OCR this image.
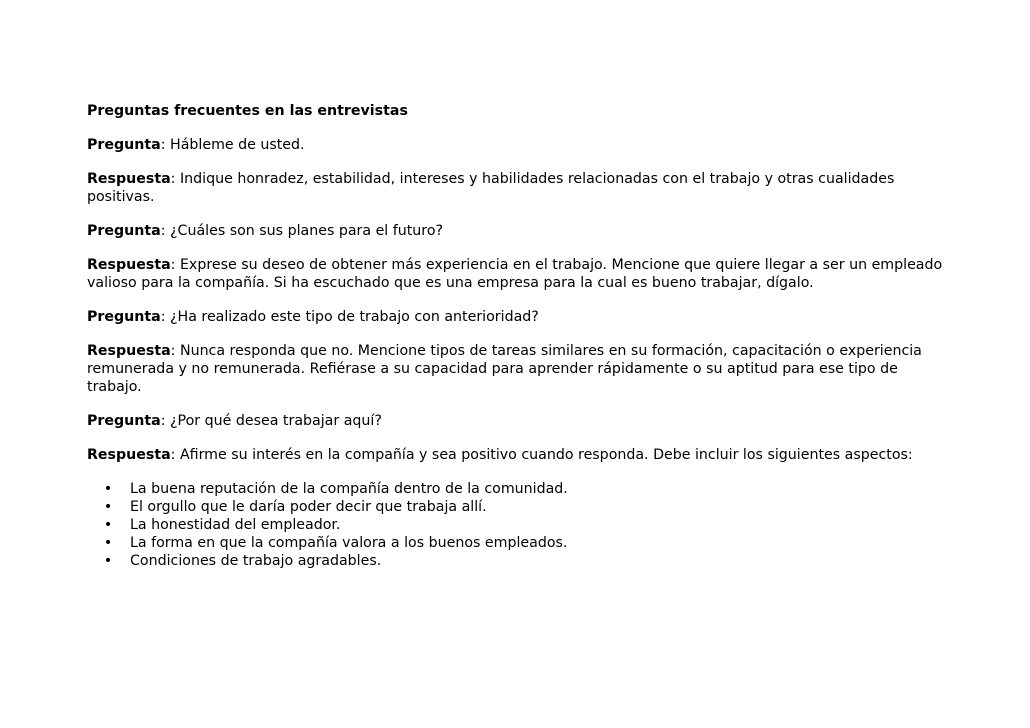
Preguntas frecuentes en las entrevistas

Pregunta: Hábleme de usted.

Respuesta: Indique honradez, estabilidad, intereses y habilidades relacionadas con el trabajo y otras cualidades positivas.

Pregunta: ¿Cuáles son sus planes para el futuro?

Respuesta: Exprese su deseo de obtener más experiencia en el trabajo. Mencione que quiere llegar a ser un empleado valioso para la compañía. Si ha escuchado que es una empresa para la cual es bueno trabajar, dígalo.

Pregunta: ¿Ha realizado este tipo de trabajo con anterioridad?

Respuesta: Nunca responda que no. Mencione tipos de tareas similares en su formación, capacitación o experiencia remunerada y no remunerada. Refiérase a su capacidad para aprender rápidamente o su aptitud para ese tipo de trabajo.

Pregunta: ¿Por qué desea trabajar aquí?

Respuesta: Afirme su interés en la compañía y sea positivo cuando responda. Debe incluir los siguientes aspectos:

• La buena reputación de la compañía dentro de la comunidad.
• El orgullo que le daría poder decir que trabaja allí.
• La honestidad del empleador.
• La forma en que la compañía valora a los buenos empleados.
• Condiciones de trabajo agradables.
